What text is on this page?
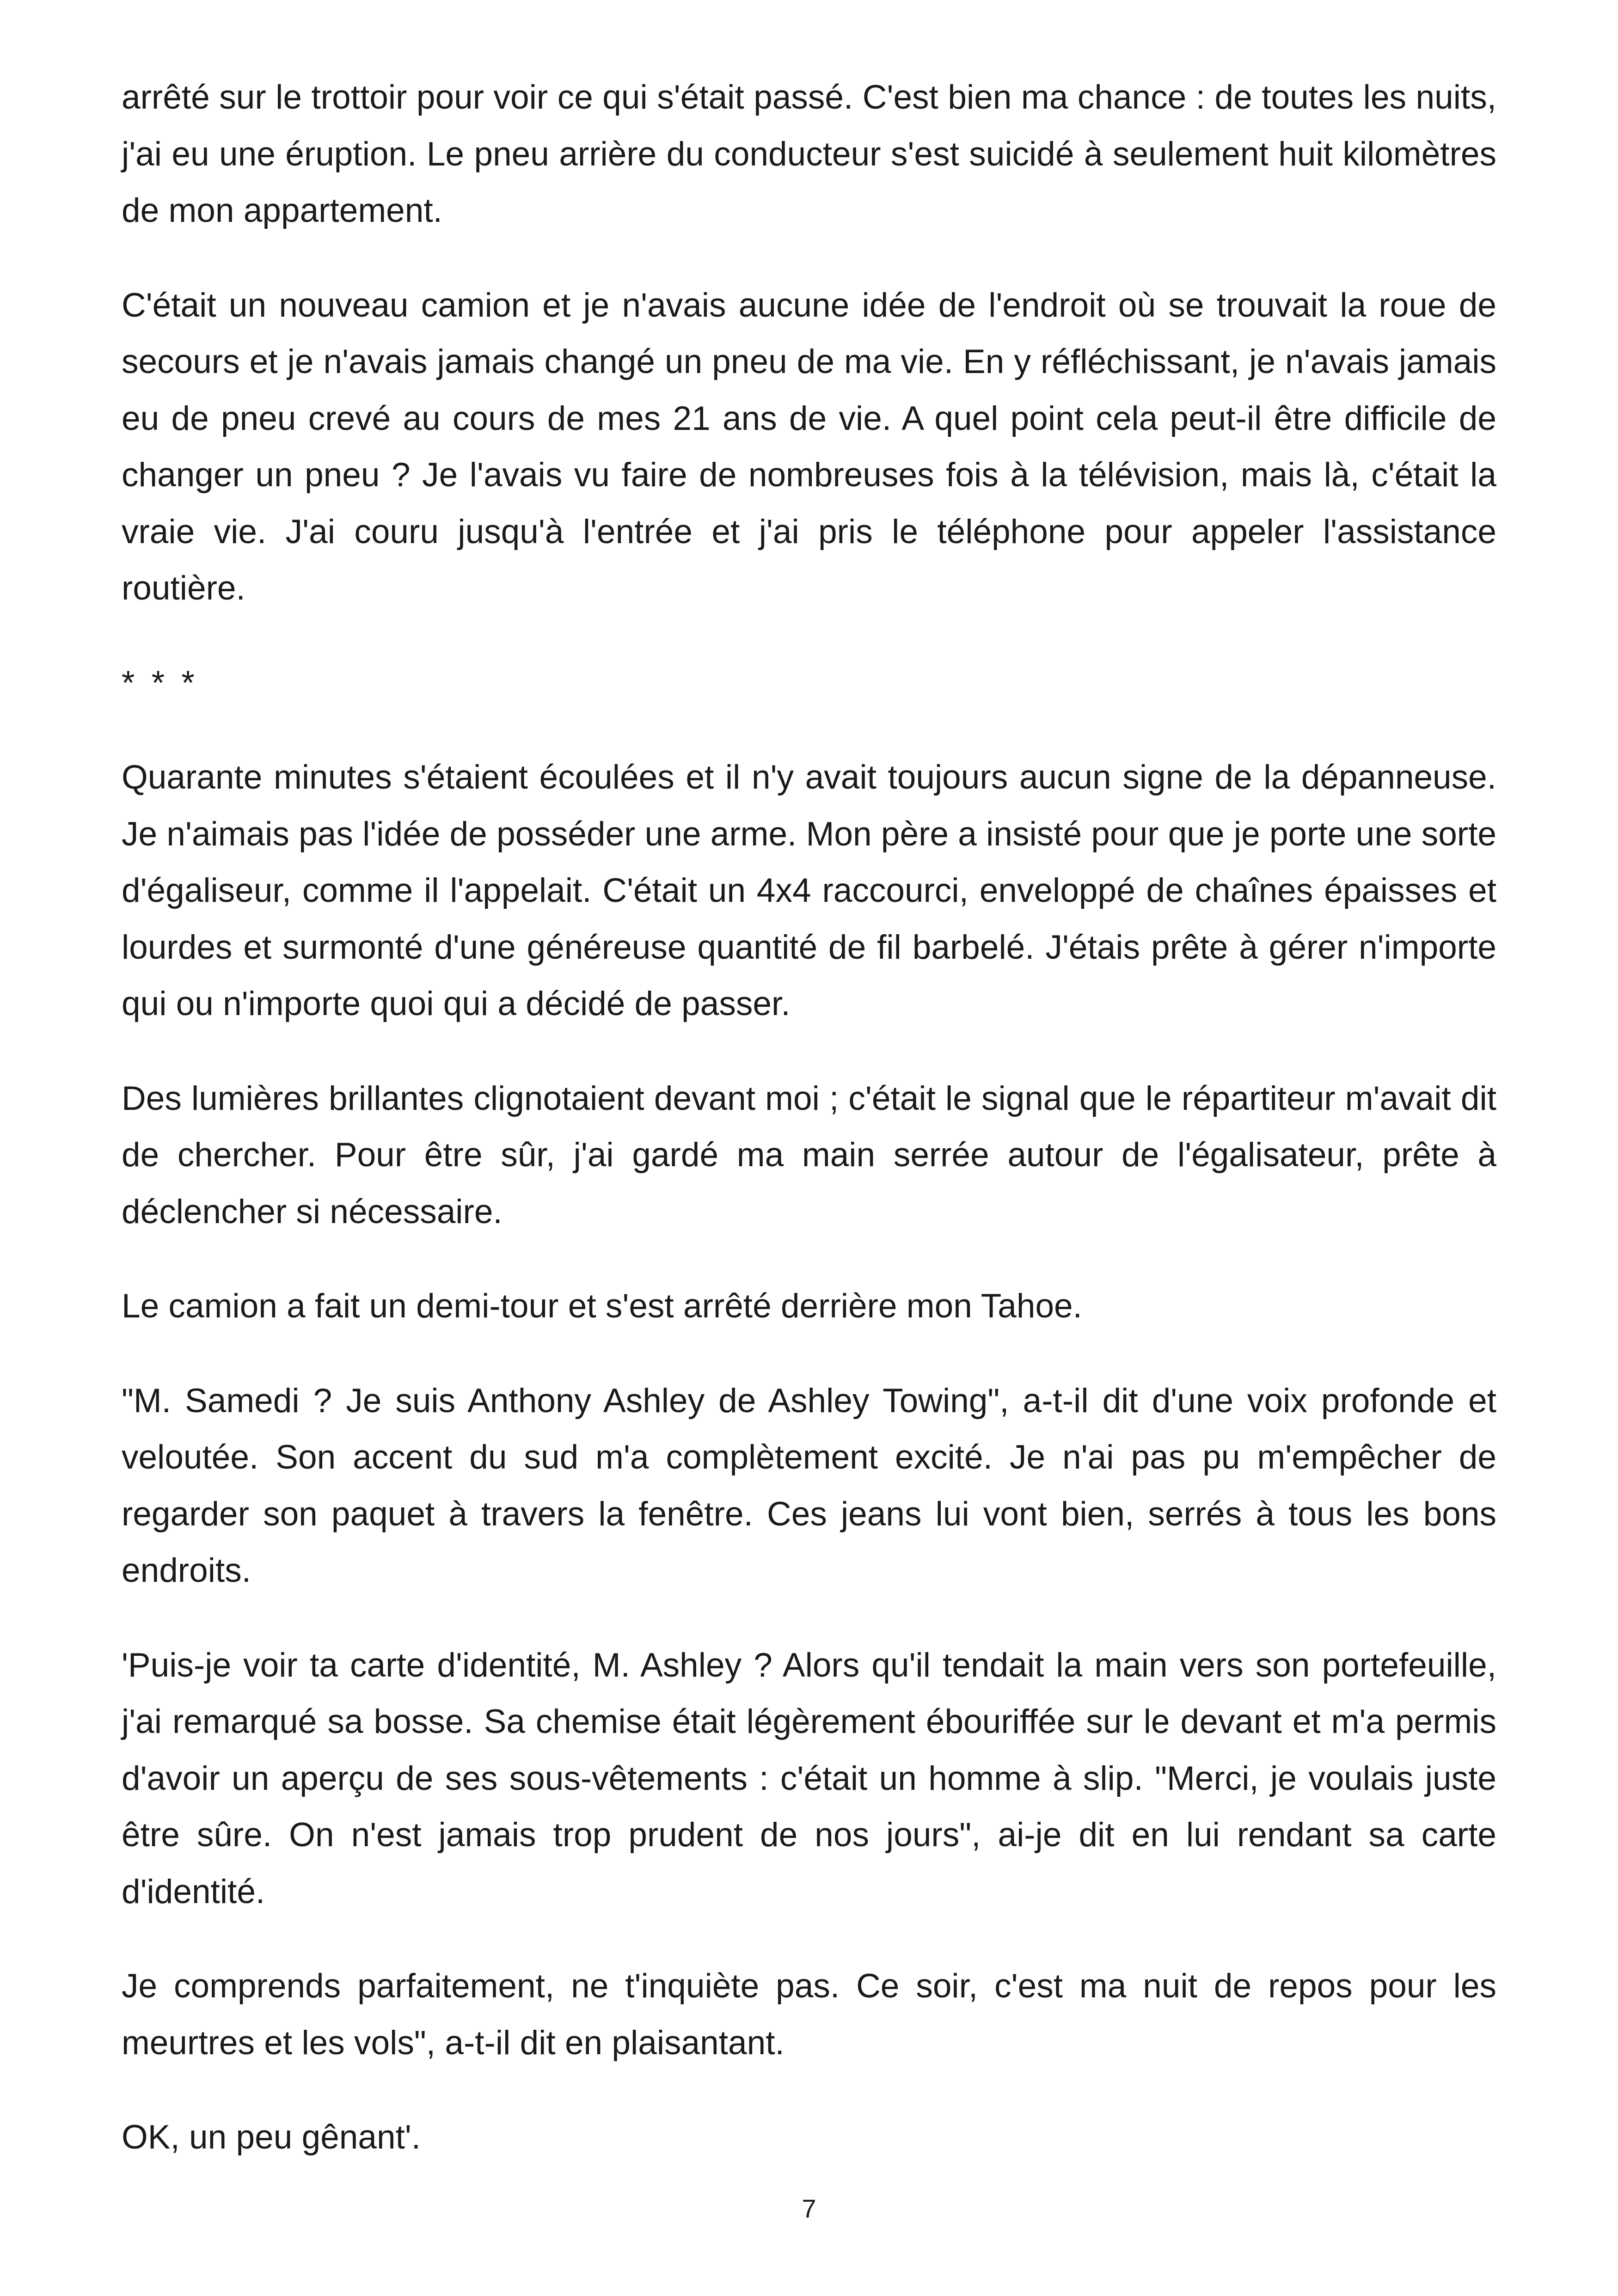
arrêté sur le trottoir pour voir ce qui s'était passé. C'est bien ma chance : de toutes les nuits, j'ai eu une éruption. Le pneu arrière du conducteur s'est suicidé à seulement huit kilomètres de mon appartement.

C'était un nouveau camion et je n'avais aucune idée de l'endroit où se trouvait la roue de secours et je n'avais jamais changé un pneu de ma vie. En y réfléchissant, je n'avais jamais eu de pneu crevé au cours de mes 21 ans de vie. A quel point cela peut-il être difficile de changer un pneu ? Je l'avais vu faire de nombreuses fois à la télévision, mais là, c'était la vraie vie. J'ai couru jusqu'à l'entrée et j'ai pris le téléphone pour appeler l'assistance routière.

* * *

Quarante minutes s'étaient écoulées et il n'y avait toujours aucun signe de la dépanneuse. Je n'aimais pas l'idée de posséder une arme. Mon père a insisté pour que je porte une sorte d'égaliseur, comme il l'appelait. C'était un 4x4 raccourci, enveloppé de chaînes épaisses et lourdes et surmonté d'une généreuse quantité de fil barbelé. J'étais prête à gérer n'importe qui ou n'importe quoi qui a décidé de passer.

Des lumières brillantes clignotaient devant moi ; c'était le signal que le répartiteur m'avait dit de chercher. Pour être sûr, j'ai gardé ma main serrée autour de l'égalisateur, prête à déclencher si nécessaire.

Le camion a fait un demi-tour et s'est arrêté derrière mon Tahoe.

"M. Samedi ? Je suis Anthony Ashley de Ashley Towing", a-t-il dit d'une voix profonde et veloutée. Son accent du sud m'a complètement excité. Je n'ai pas pu m'empêcher de regarder son paquet à travers la fenêtre. Ces jeans lui vont bien, serrés à tous les bons endroits.

'Puis-je voir ta carte d'identité, M. Ashley ? Alors qu'il tendait la main vers son portefeuille, j'ai remarqué sa bosse. Sa chemise était légèrement ébouriffée sur le devant et m'a permis d'avoir un aperçu de ses sous-vêtements : c'était un homme à slip. "Merci, je voulais juste être sûre. On n'est jamais trop prudent de nos jours", ai-je dit en lui rendant sa carte d'identité.

Je comprends parfaitement, ne t'inquiète pas. Ce soir, c'est ma nuit de repos pour les meurtres et les vols", a-t-il dit en plaisantant.

OK, un peu gênant'.

7
